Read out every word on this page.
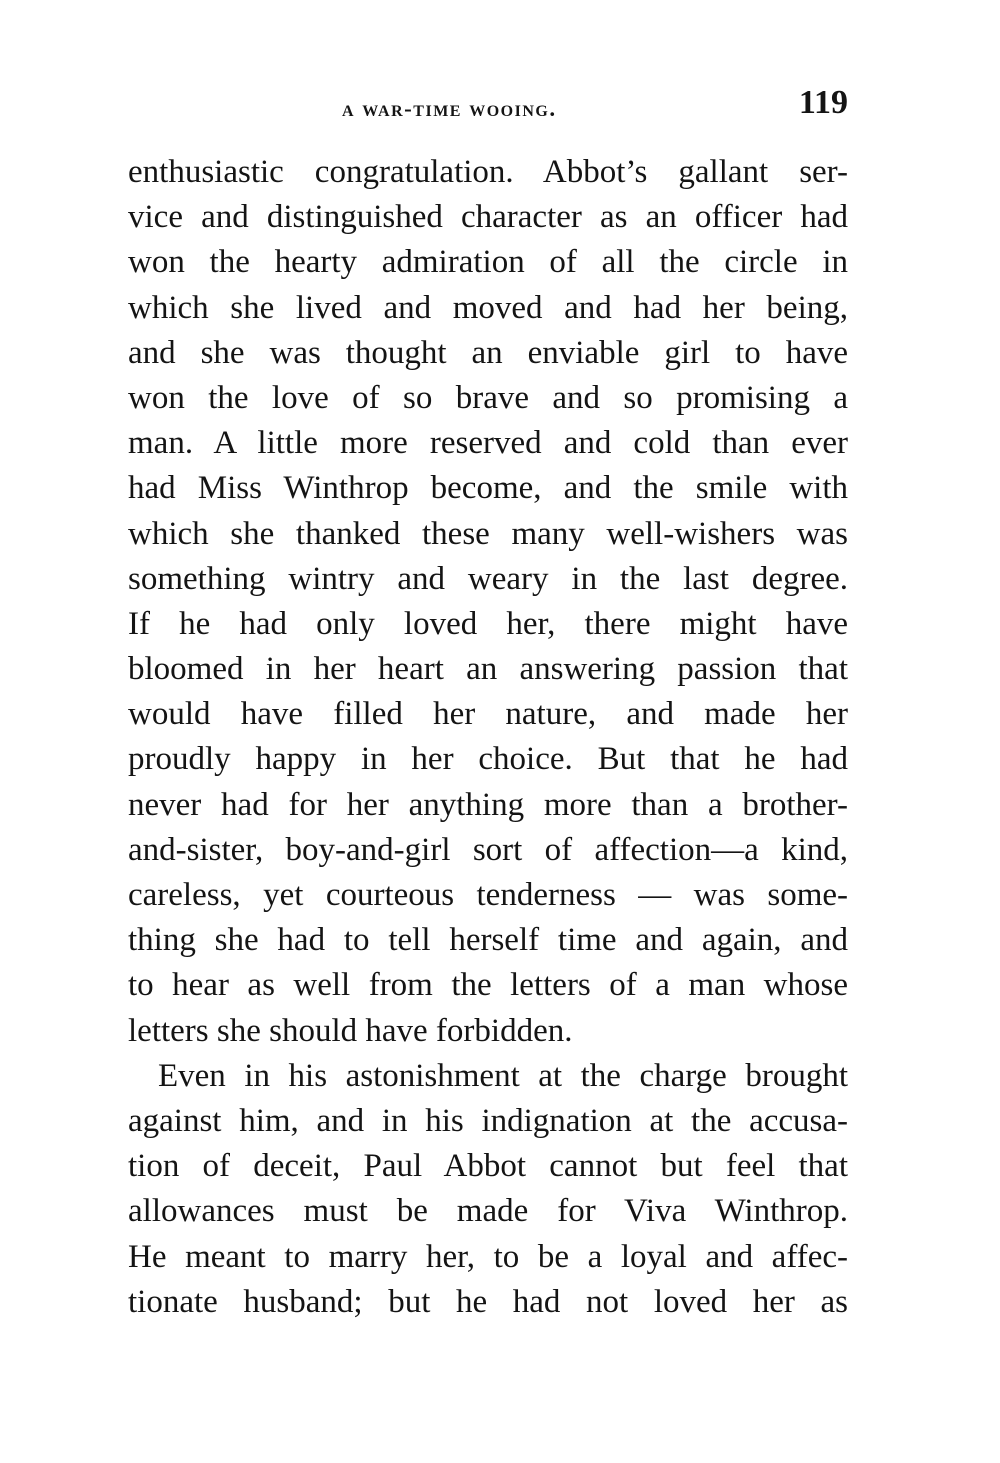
a war-time wooing.	119
enthusiastic congratulation. Abbot’s gallant ser-
vice and distinguished character as an officer had
won the hearty admiration of all the circle in
which she lived and moved and had her being,
and she was thought an enviable girl to have
won the love of so brave and so promising a
man. A little more reserved and cold than ever
had Miss Winthrop become, and the smile with
which she thanked these many well-wishers was
something wintry and weary in the last degree.
If he had only loved her, there might have
bloomed in her heart an answering passion that
would have filled her nature, and made her
proudly happy in her choice. But that he had
never had for her anything more than a brother-
and-sister, boy-and-girl sort of affection—a kind,
careless, yet courteous tenderness — was some-
thing she had to tell herself time and again, and
to hear as well from the letters of a man whose
letters she should have forbidden.
Even in his astonishment at the charge brought
against him, and in his indignation at the accusa-
tion of deceit, Paul Abbot cannot but feel that
allowances must be made for Viva Winthrop.
He meant to marry her, to be a loyal and affec-
tionate husband; but he had not loved her as
